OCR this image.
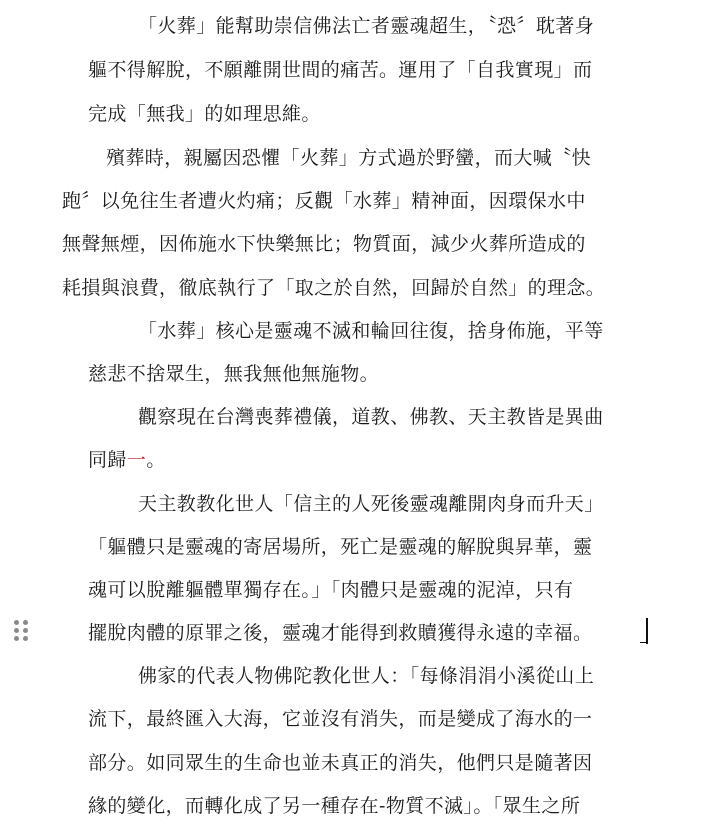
「火葬」能幫助崇信佛法亡者靈魂超生，〝恐〞耽著身
軀不得解脫，不願離開世間的痛苦。運用了「自我實現」而
完成「無我」的如理思維。
殯葬時，親屬因恐懼「火葬」方式過於野蠻，而大喊〝快
跑〞以免往生者遭火灼痛；反觀「水葬」精神面，因環保水中
無聲無煙，因佈施水下快樂無比；物質面，減少火葬所造成的
耗損與浪費，徹底執行了「取之於自然，回歸於自然」的理念。
「水葬」核心是靈魂不滅和輪回往復，捨身佈施，平等
慈悲不捨眾生，無我無他無施物。
觀察現在台灣喪葬禮儀，道教、佛教、天主教皆是異曲
同歸一。
天主教教化世人「信主的人死後靈魂離開肉身而升天」
「軀體只是靈魂的寄居場所，死亡是靈魂的解脫與昇華，靈
魂可以脫離軀體單獨存在。」「肉體只是靈魂的泥淖，只有
擺脫肉體的原罪之後，靈魂才能得到救贖獲得永遠的幸福。
佛家的代表人物佛陀教化世人：「每條涓涓小溪從山上
流下，最終匯入大海，它並沒有消失，而是變成了海水的一
部分。如同眾生的生命也並未真正的消失，他們只是隨著因
緣的變化，而轉化成了另一種存在-物質不滅」。「眾生之所
